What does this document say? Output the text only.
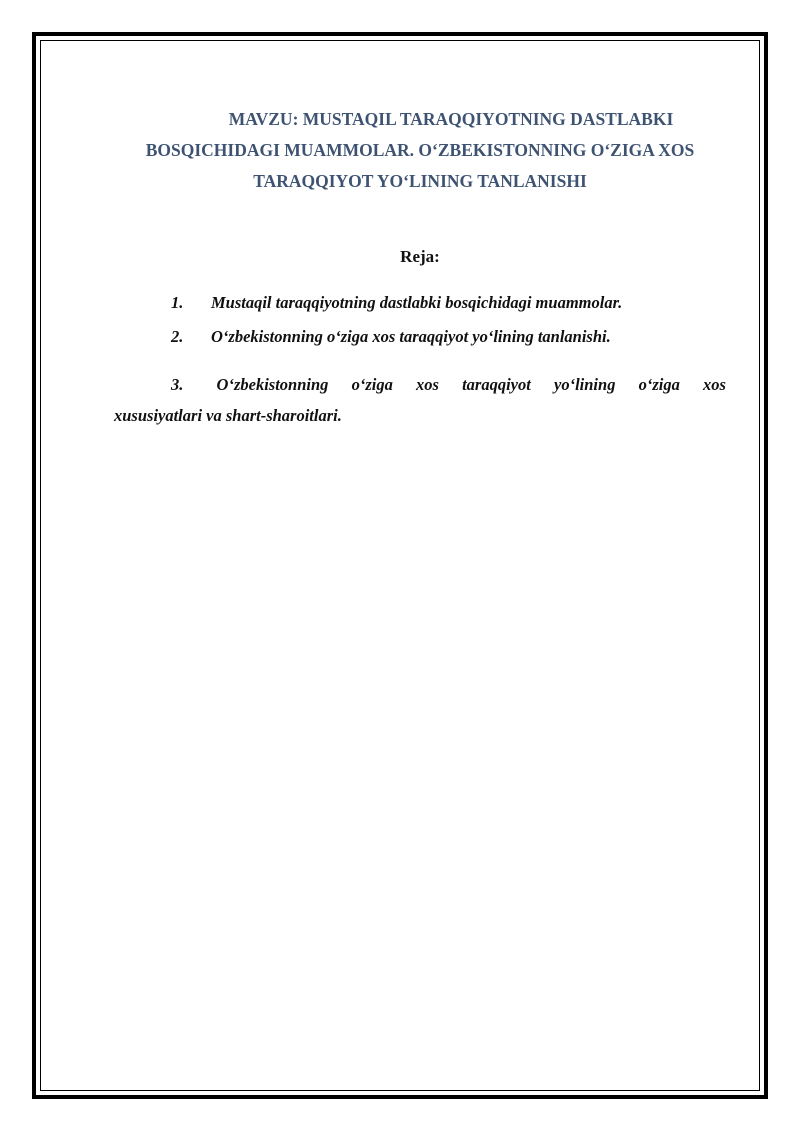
MAVZU: MUSTAQIL TARAQQIYOTNING DASTLABKI
BOSQICHIDAGI MUAMMOLAR. O‘ZBEKISTONNING O‘ZIGA XOS
TARAQQIYOT YO‘LINING TANLANISHI
Reja:
1. Mustaqil taraqqiyotning dastlabki bosqichidagi muammolar.
2. O‘zbekistonning o‘ziga xos taraqqiyot yo‘lining tanlanishi.
3. O‘zbekistonning o‘ziga xos taraqqiyot yo‘lining o‘ziga xos
xususiyatlari va shart-sharoitlari.
